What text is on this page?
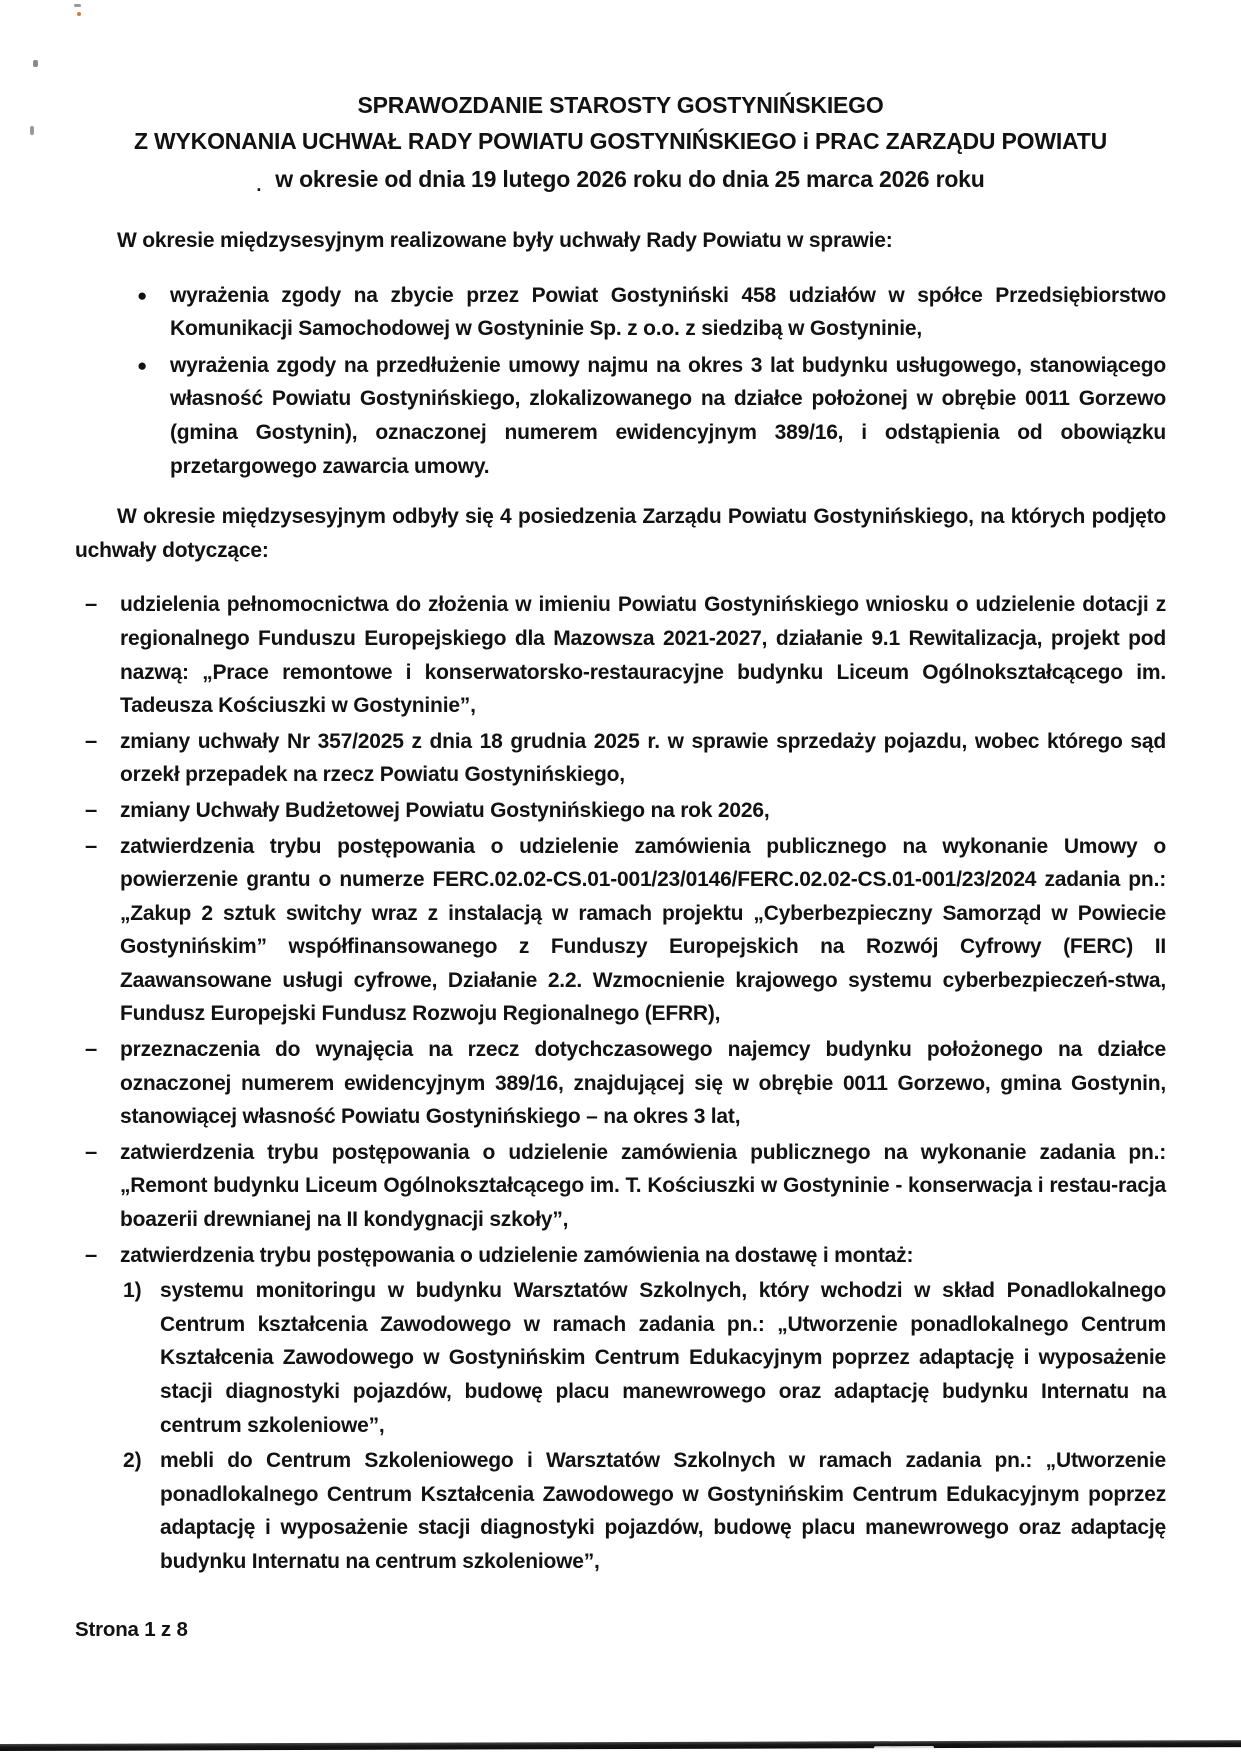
SPRAWOZDANIE STAROSTY GOSTYNIŃSKIEGO
Z WYKONANIA UCHWAŁ RADY POWIATU GOSTYNIŃSKIEGO i PRAC ZARZĄDU POWIATU
. w okresie od dnia 19 lutego 2026 roku do dnia 25 marca 2026 roku

W okresie międzysesyjnym realizowane były uchwały Rady Powiatu w sprawie:

●	wyrażenia zgody na zbycie przez Powiat Gostyniński 458 udziałów w spółce Przedsiębiorstwo Komunikacji Samochodowej w Gostyninie Sp. z o.o. z siedzibą w Gostyninie,
●	wyrażenia zgody na przedłużenie umowy najmu na okres 3 lat budynku usługowego, stanowiącego własność Powiatu Gostynińskiego, zlokalizowanego na działce położonej w obrębie 0011 Gorzewo (gmina Gostynin), oznaczonej numerem ewidencyjnym 389/16, i odstąpienia od obowiązku przetargowego zawarcia umowy.

W okresie międzysesyjnym odbyły się 4 posiedzenia Zarządu Powiatu Gostynińskiego, na których podjęto uchwały dotyczące:

–	udzielenia pełnomocnictwa do złożenia w imieniu Powiatu Gostynińskiego wniosku o udzielenie dotacji z regionalnego Funduszu Europejskiego dla Mazowsza 2021-2027, działanie 9.1 Rewitalizacja, projekt pod nazwą: „Prace remontowe i konserwatorsko-restauracyjne budynku Liceum Ogólnokształcącego im. Tadeusza Kościuszki w Gostyninie”,
–	zmiany uchwały Nr 357/2025 z dnia 18 grudnia 2025 r. w sprawie sprzedaży pojazdu, wobec którego sąd orzekł przepadek na rzecz Powiatu Gostynińskiego,
–	zmiany Uchwały Budżetowej Powiatu Gostynińskiego na rok 2026,
–	zatwierdzenia trybu postępowania o udzielenie zamówienia publicznego na wykonanie Umowy o powierzenie grantu o numerze FERC.02.02-CS.01-001/23/0146/FERC.02.02-CS.01-001/23/2024 zadania pn.: „Zakup 2 sztuk switchy wraz z instalacją w ramach projektu „Cyberbezpieczny Samorząd w Powiecie Gostynińskim” współfinansowanego z Funduszy Europejskich na Rozwój Cyfrowy (FERC) II Zaawansowane usługi cyfrowe, Działanie 2.2. Wzmocnienie krajowego systemu cyberbezpieczeń-stwa, Fundusz Europejski Fundusz Rozwoju Regionalnego (EFRR),
–	przeznaczenia do wynajęcia na rzecz dotychczasowego najemcy budynku położonego na działce oznaczonej numerem ewidencyjnym 389/16, znajdującej się w obrębie 0011 Gorzewo, gmina Gostynin, stanowiącej własność Powiatu Gostynińskiego – na okres 3 lat,
–	zatwierdzenia trybu postępowania o udzielenie zamówienia publicznego na wykonanie zadania pn.: „Remont budynku Liceum Ogólnokształcącego im. T. Kościuszki w Gostyninie - konserwacja i restau-racja boazerii drewnianej na II kondygnacji szkoły”,
–	zatwierdzenia trybu postępowania o udzielenie zamówienia na dostawę i montaż:
1) systemu monitoringu w budynku Warsztatów Szkolnych, który wchodzi w skład Ponadlokalnego Centrum kształcenia Zawodowego w ramach zadania pn.: „Utworzenie ponadlokalnego Centrum Kształcenia Zawodowego w Gostynińskim Centrum Edukacyjnym poprzez adaptację i wyposażenie stacji diagnostyki pojazdów, budowę placu manewrowego oraz adaptację budynku Internatu na centrum szkoleniowe”,
2) mebli do Centrum Szkoleniowego i Warsztatów Szkolnych w ramach zadania pn.: „Utworzenie ponadlokalnego Centrum Kształcenia Zawodowego w Gostynińskim Centrum Edukacyjnym poprzez adaptację i wyposażenie stacji diagnostyki pojazdów, budowę placu manewrowego oraz adaptację budynku Internatu na centrum szkoleniowe”,
Strona 1 z 8
